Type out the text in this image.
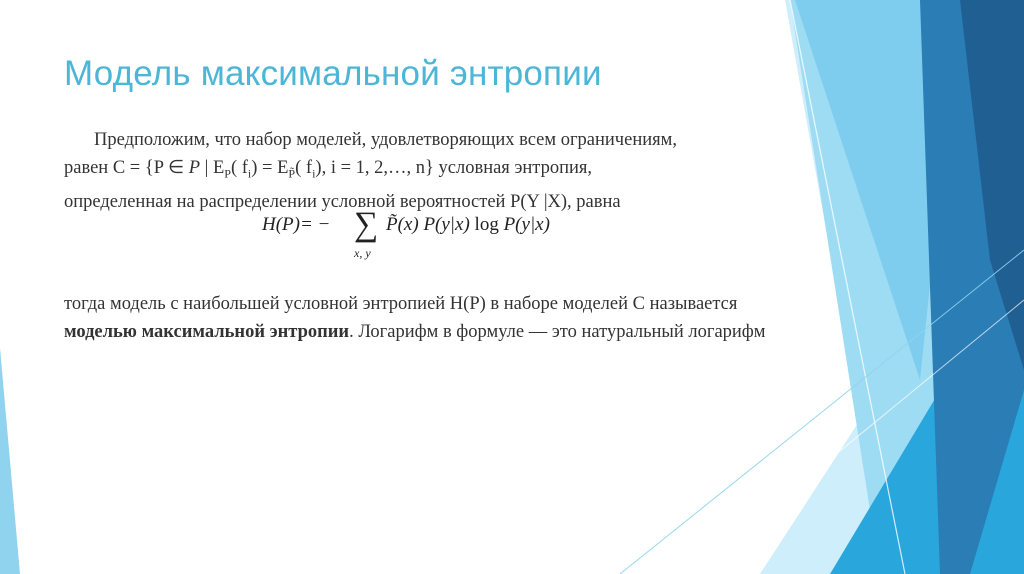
Модель максимальной энтропии

Предположим, что набор моделей, удовлетворяющих всем ограничениям,

равен С = {P ∈ P | $E_P$( $f_i) = E_{P̃}$( $f_i$), i = 1, 2,…, n} условная энтропия,

определенная на распределении условной вероятностей P(Y |X), равна

H(P)= − ∑
x, y
P̃(x) P(y|x) log P(y|x)

тогда модель с наибольшей условной энтропией H(P) в наборе моделей С называется моделью максимальной энтропии. Логарифм в формуле — это натуральный логарифм
